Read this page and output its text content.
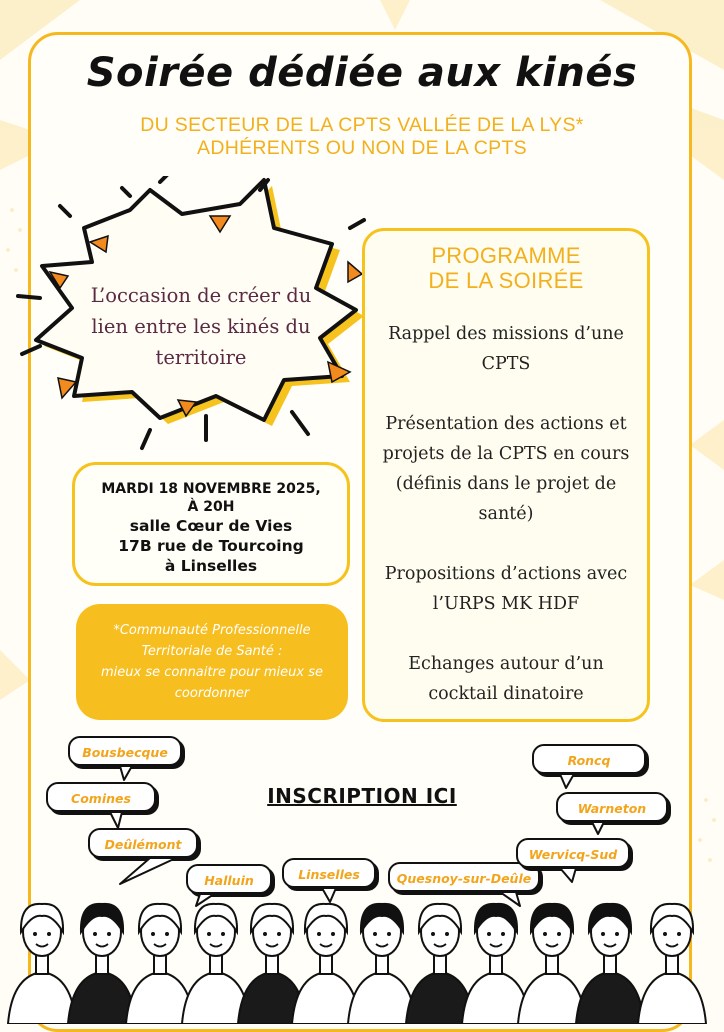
Soirée dédiée aux kinés
DU SECTEUR DE LA CPTS VALLÉE DE LA LYS*
ADHÉRENTS OU NON DE LA CPTS
L’occasion de créer du lien entre les kinés du territoire
PROGRAMME
DE LA SOIRÉE
Rappel des missions d’une CPTS
Présentation des actions et projets de la CPTS en cours (définis dans le projet de santé)
Propositions d’actions avec l’URPS MK HDF
Echanges autour d’un cocktail dinatoire
MARDI 18 NOVEMBRE 2025,
À 20H
salle Cœur de Vies
17B rue de Tourcoing
à Linselles
*Communauté Professionnelle
Territoriale de Santé :
mieux se connaitre pour mieux se
coordonner
INSCRIPTION ICI
Bousbecque
Comines
Deûlémont
Halluin	Linselles	Quesnoy-sur-Deûle
Roncq
Warneton
Wervicq-Sud
